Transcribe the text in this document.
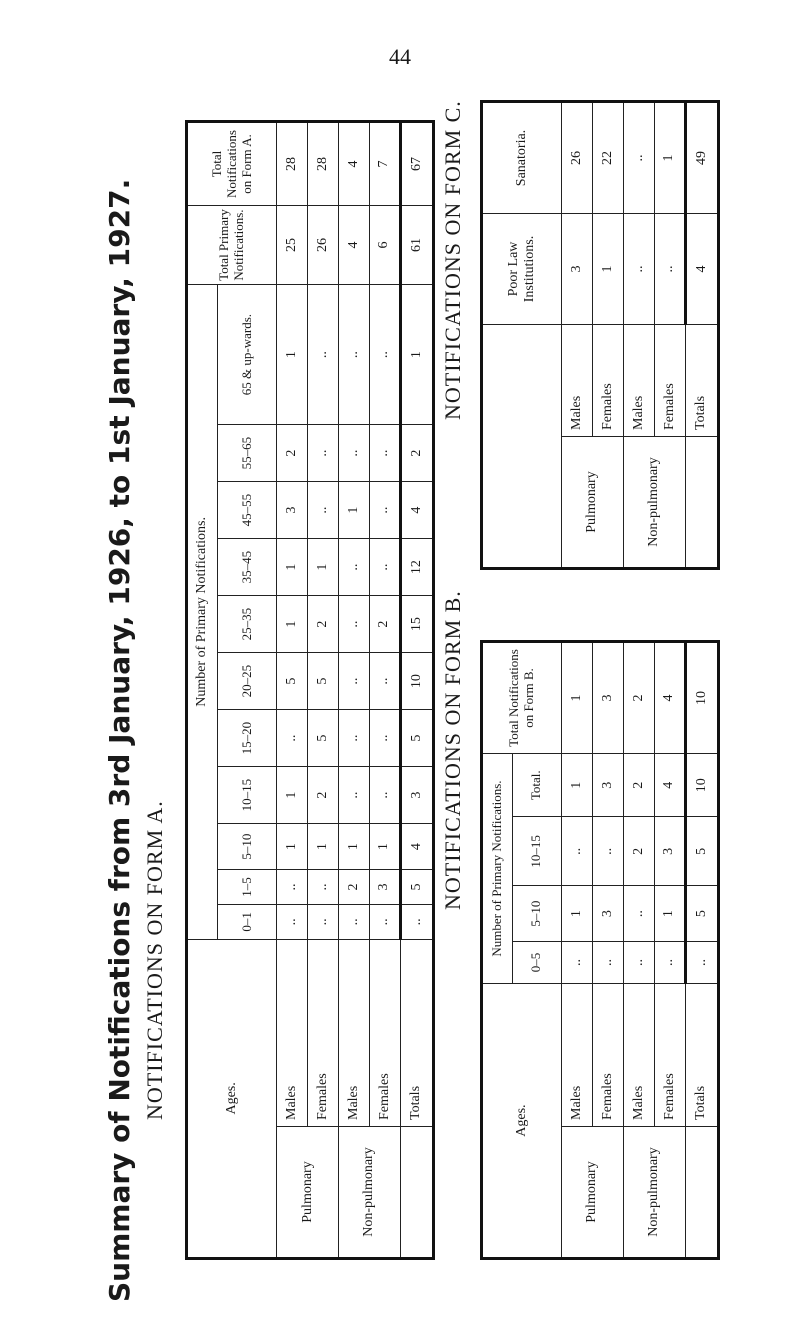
44
Summary of Notifications from 3rd January, 1926, to 1st January, 1927. NOTIFICATIONS ON FORM A.	Ages.		Number of Primary Notifications.											Total Primary Notifications.	Total Notifications on Form A.
		0–1	1–5	5–10	10–15	15–20	20–25	25–35	35–45	45–55	55–65	65 & up-wards.		
Pulmonary	Males	..	..	1	1	..	5	1	1	3	2	1	25	28
	Females	..	..	1	2	5	5	2	1	..	..	..	26	28
Non-pulmonary	Males	..	2	1	..	..	..	..	..	1	..	..	4	4
	Females	..	3	1	..	..	..	2	..	..	..	..	6	7
	Totals	..	5	4	3	5	10	15	12	4	2	1	61	67
NOTIFICATIONS ON FORM B.
NOTIFICATIONS ON FORM C.
Ages.		Number of Primary Notifications.				Total Notifications on Form B.
		0–5	5–10	10–15	Total.	
Pulmonary	Males	..	1	..	1	1
	Females	..	3	..	3	3
Non-pulmonary	Males	..	..	2	2	2
	Females	..	1	3	4	4
	Totals	..	5	5	10	10
		Poor Law Institutions.	Sanatoria.
Pulmonary	Males	3	26
	Females	1	22
Non-pulmonary	Males	..	..
	Females	..	1
	Totals	4	49
